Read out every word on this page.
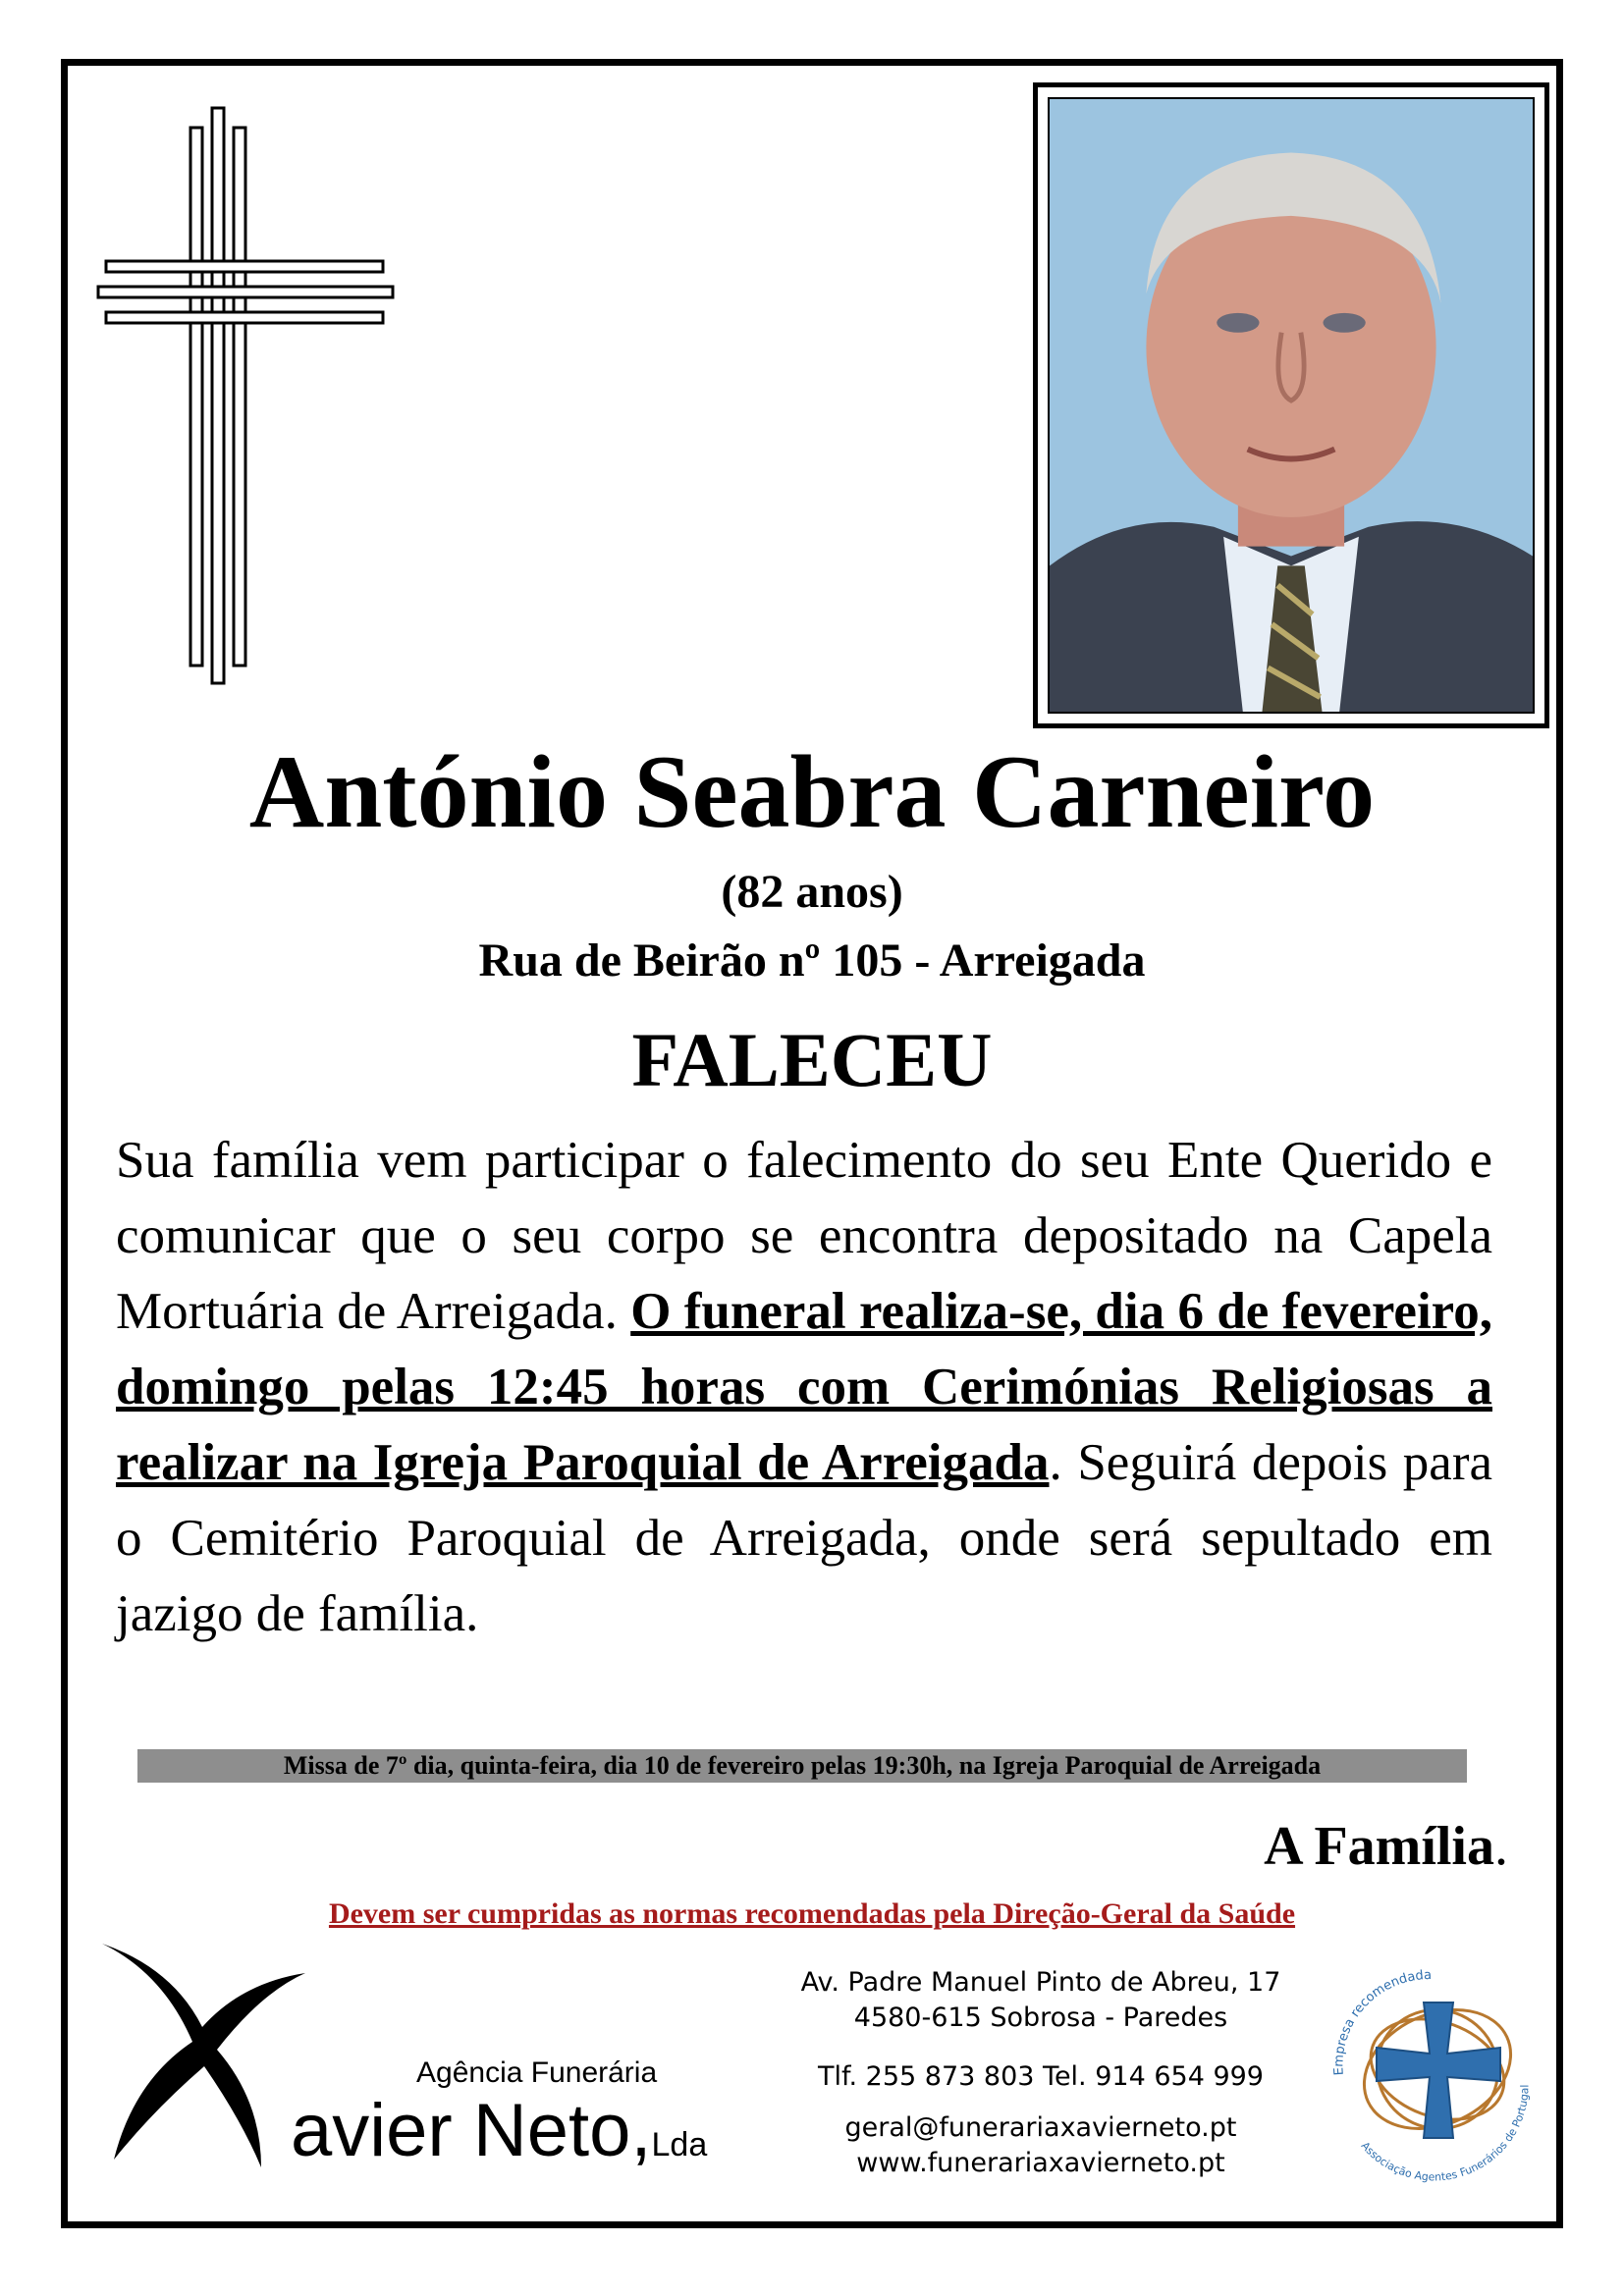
António Seabra Carneiro
(82 anos)
Rua de Beirão nº 105 - Arreigada
FALECEU
Sua família vem participar o falecimento do seu Ente Querido e comunicar que o seu corpo se encontra depositado na Capela Mortuária de Arreigada. O funeral realiza-se, dia 6 de fevereiro, domingo pelas 12:45 horas com Cerimónias Religiosas a realizar na Igreja Paroquial de Arreigada. Seguirá depois para o Cemitério Paroquial de Arreigada, onde será sepultado em jazigo de família.
Missa de 7º dia, quinta-feira, dia 10 de fevereiro pelas 19:30h, na Igreja Paroquial de Arreigada
A Família.
Devem ser cumpridas as normas recomendadas pela Direção-Geral da Saúde
Agência Funerária
avier Neto,Lda
Av. Padre Manuel Pinto de Abreu, 17
4580-615 Sobrosa - Paredes
Tlf. 255 873 803 Tel. 914 654 999
geral@funerariaxavierneto.pt
www.funerariaxavierneto.pt
Empresa recomendada
Associação Agentes Funerários de Portugal
